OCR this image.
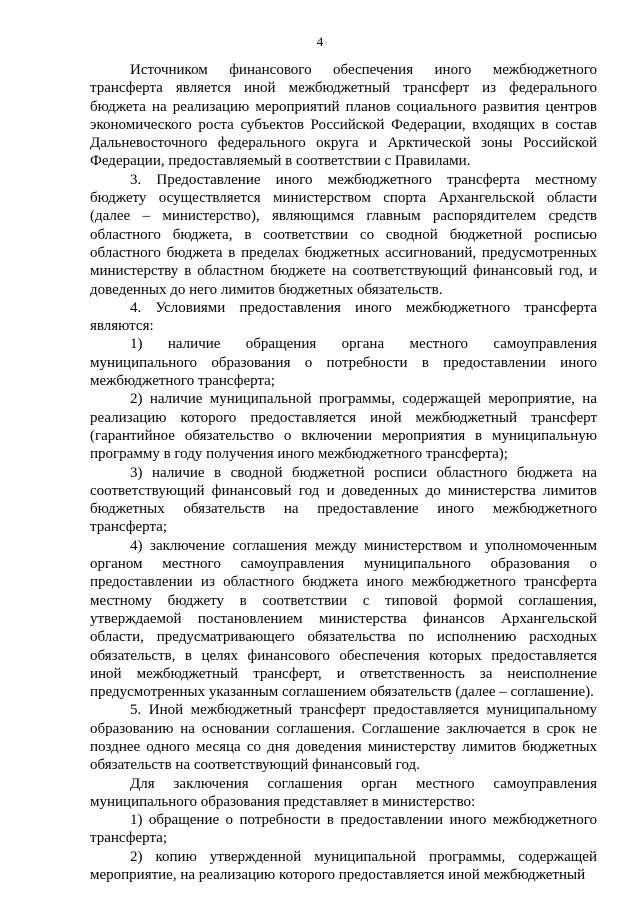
4

Источником финансового обеспечения иного межбюджетного трансферта является иной межбюджетный трансферт из федерального бюджета на реализацию мероприятий планов социального развития центров экономического роста субъектов Российской Федерации, входящих в состав Дальневосточного федерального округа и Арктической зоны Российской Федерации, предоставляемый в соответствии с Правилами.

3. Предоставление иного межбюджетного трансферта местному бюджету осуществляется министерством спорта Архангельской области (далее – министерство), являющимся главным распорядителем средств областного бюджета, в соответствии со сводной бюджетной росписью областного бюджета в пределах бюджетных ассигнований, предусмотренных министерству в областном бюджете на соответствующий финансовый год, и доведенных до него лимитов бюджетных обязательств.

4. Условиями предоставления иного межбюджетного трансферта являются:

1) наличие обращения органа местного самоуправления муниципального образования о потребности в предоставлении иного межбюджетного трансферта;

2) наличие муниципальной программы, содержащей мероприятие, на реализацию которого предоставляется иной межбюджетный трансферт (гарантийное обязательство о включении мероприятия в муниципальную программу в году получения иного межбюджетного трансферта);

3) наличие в сводной бюджетной росписи областного бюджета на соответствующий финансовый год и доведенных до министерства лимитов бюджетных обязательств на предоставление иного межбюджетного трансферта;

4) заключение соглашения между министерством и уполномоченным органом местного самоуправления муниципального образования о предоставлении из областного бюджета иного межбюджетного трансферта местному бюджету в соответствии с типовой формой соглашения, утверждаемой постановлением министерства финансов Архангельской области, предусматривающего обязательства по исполнению расходных обязательств, в целях финансового обеспечения которых предоставляется иной межбюджетный трансферт, и ответственность за неисполнение предусмотренных указанным соглашением обязательств (далее – соглашение).

5. Иной межбюджетный трансферт предоставляется муниципальному образованию на основании соглашения. Соглашение заключается в срок не позднее одного месяца со дня доведения министерству лимитов бюджетных обязательств на соответствующий финансовый год.

Для заключения соглашения орган местного самоуправления муниципального образования представляет в министерство:

1) обращение о потребности в предоставлении иного межбюджетного трансферта;

2) копию утвержденной муниципальной программы, содержащей мероприятие, на реализацию которого предоставляется иной межбюджетный
